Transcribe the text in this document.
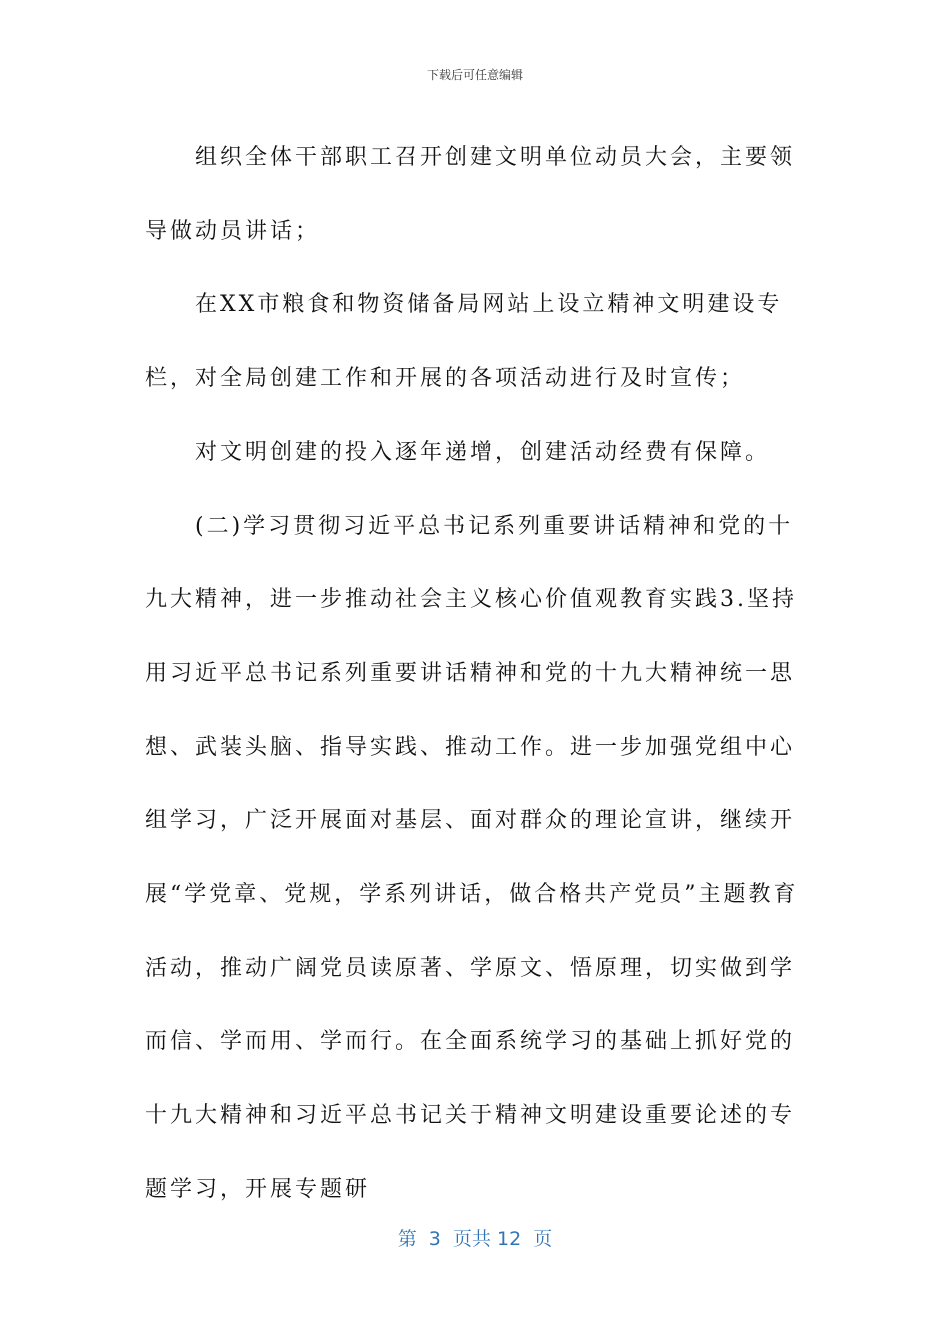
下载后可任意编辑

组织全体干部职工召开创建文明单位动员大会，主要领导做动员讲话；

在XX市粮食和物资储备局网站上设立精神文明建设专栏，对全局创建工作和开展的各项活动进行及时宣传；

对文明创建的投入逐年递增，创建活动经费有保障。

(二)学习贯彻习近平总书记系列重要讲话精神和党的十九大精神，进一步推动社会主义核心价值观教育实践3.坚持用习近平总书记系列重要讲话精神和党的十九大精神统一思想、武装头脑、指导实践、推动工作。进一步加强党组中心组学习，广泛开展面对基层、面对群众的理论宣讲，继续开展“学党章、党规，学系列讲话，做合格共产党员”主题教育活动，推动广阔党员读原著、学原文、悟原理，切实做到学而信、学而用、学而行。在全面系统学习的基础上抓好党的十九大精神和习近平总书记关于精神文明建设重要论述的专题学习，开展专题研

第  3  页共 12  页
